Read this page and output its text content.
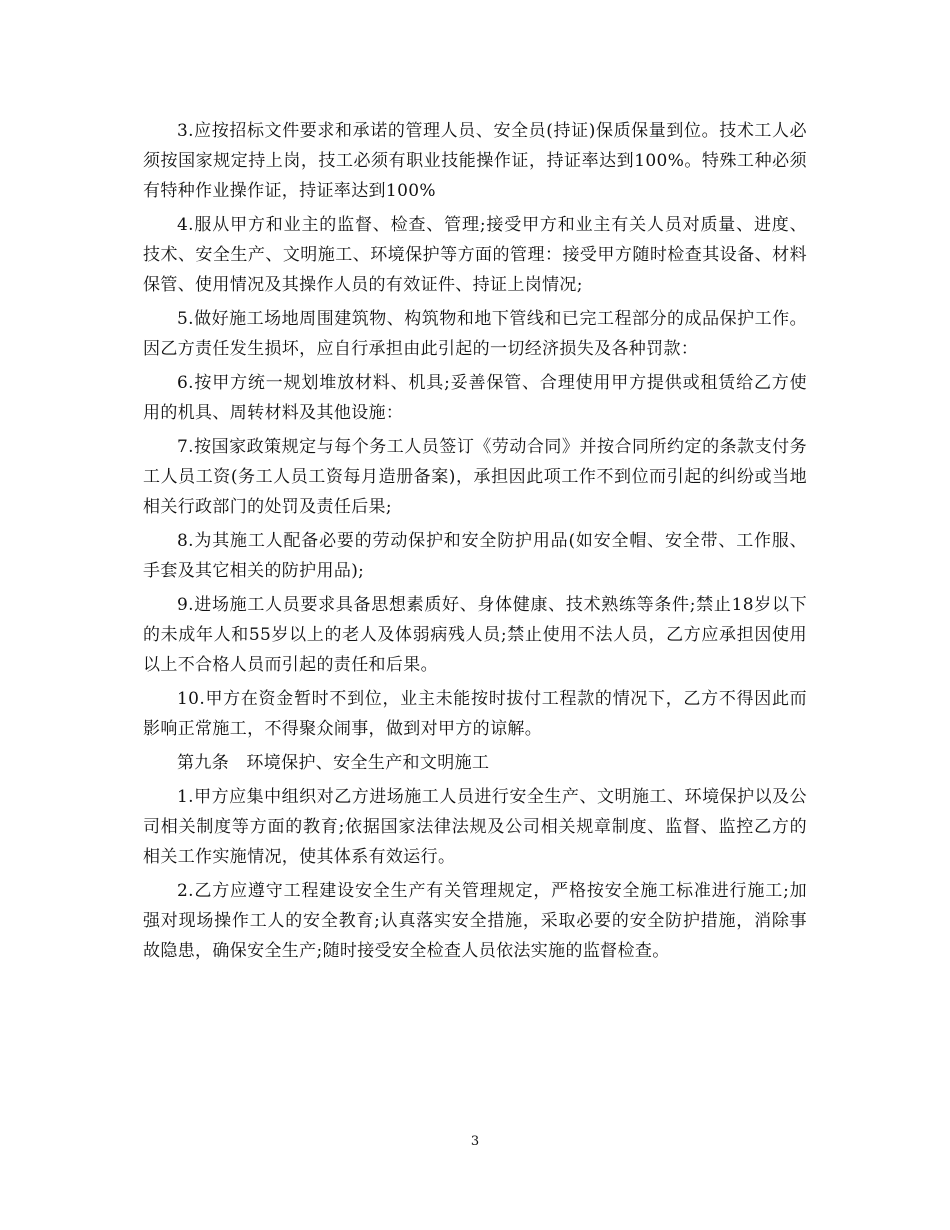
3.应按招标文件要求和承诺的管理人员、安全员(持证)保质保量到位。技术工人必须按国家规定持上岗，技工必须有职业技能操作证，持证率达到100%。特殊工种必须有特种作业操作证，持证率达到100%

4.服从甲方和业主的监督、检查、管理;接受甲方和业主有关人员对质量、进度、技术、安全生产、文明施工、环境保护等方面的管理：接受甲方随时检查其设备、材料保管、使用情况及其操作人员的有效证件、持证上岗情况;

5.做好施工场地周围建筑物、构筑物和地下管线和已完工程部分的成品保护工作。因乙方责任发生损坏，应自行承担由此引起的一切经济损失及各种罚款：

6.按甲方统一规划堆放材料、机具;妥善保管、合理使用甲方提供或租赁给乙方使用的机具、周转材料及其他设施：

7.按国家政策规定与每个务工人员签订《劳动合同》并按合同所约定的条款支付务工人员工资(务工人员工资每月造册备案)，承担因此项工作不到位而引起的纠纷或当地相关行政部门的处罚及责任后果;

8.为其施工人配备必要的劳动保护和安全防护用品(如安全帽、安全带、工作服、手套及其它相关的防护用品);

9.进场施工人员要求具备思想素质好、身体健康、技术熟练等条件;禁止18岁以下的未成年人和55岁以上的老人及体弱病残人员;禁止使用不法人员，乙方应承担因使用以上不合格人员而引起的责任和后果。

10.甲方在资金暂时不到位，业主未能按时拔付工程款的情况下，乙方不得因此而影响正常施工，不得聚众闹事，做到对甲方的谅解。

第九条　环境保护、安全生产和文明施工

1.甲方应集中组织对乙方进场施工人员进行安全生产、文明施工、环境保护以及公司相关制度等方面的教育;依据国家法律法规及公司相关规章制度、监督、监控乙方的相关工作实施情况，使其体系有效运行。

2.乙方应遵守工程建设安全生产有关管理规定，严格按安全施工标准进行施工;加强对现场操作工人的安全教育;认真落实安全措施，采取必要的安全防护措施，消除事故隐患，确保安全生产;随时接受安全检查人员依法实施的监督检查。

3
